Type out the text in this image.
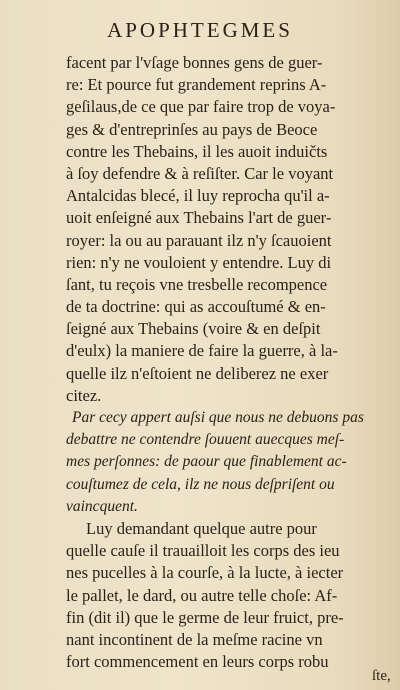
APOPHTEGMES
facent par l'vſage bonnes gens de guer-
re: Et pource fut grandement reprins A-
geſilaus,de ce que par faire trop de voya-
ges & d'entreprinſes au pays de Beoce
contre les Thebains, il les auoit induičts
à ſoy defendre & à reſiſter. Car le voyant
Antalcidas blecé, il luy reprocha qu'il a-
uoit enſeigné aux Thebains l'art de guer-
royer: la ou au parauant ilz n'y ſcauoient
rien: n'y ne vouloient y entendre. Luy di
ſant, tu reçois vne tresbelle recompence
de ta doctrine: qui as accouſtumé & en-
ſeigné aux Thebains (voire & en deſpit
d'eulx) la maniere de faire la guerre, à la-
quelle ilz n'eſtoient ne deliberez ne exer
citez.
Par cecy appert auſsi que nous ne debuons pas
debattre ne contendre ſouuent auecques meſ-
mes perſonnes: de paour que finablement ac-
couſtumez de cela, ilz ne nous deſpriſent ou
vaincquent.
Luy demandant quelque autre pour
quelle cauſe il trauailloit les corps des ieu
nes pucelles à la courſe, à la lucte, à iecter
le pallet, le dard, ou autre telle choſe: Af-
fin (dit il) que le germe de leur fruict, pre-
nant incontinent de la meſme racine vn
fort commencement en leurs corps robu
ſte,
